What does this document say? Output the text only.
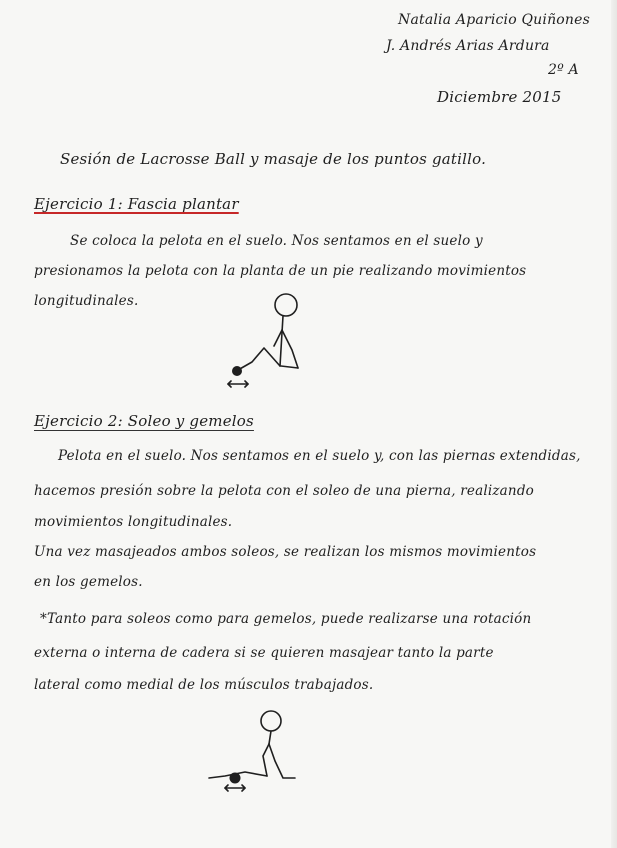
Natalia Aparicio Quiñones
J. Andrés Arias Ardura
2º A
Diciembre 2015
Sesión de Lacrosse Ball y masaje de los puntos gatillo.
Ejercicio 1: Fascia plantar
Se coloca la pelota en el suelo. Nos sentamos en el suelo y
presionamos la pelota con la planta de un pie realizando movimientos
longitudinales.
Ejercicio 2: Soleo y gemelos
Pelota en el suelo. Nos sentamos en el suelo y, con las piernas extendidas,
hacemos presión sobre la pelota con el soleo de una pierna, realizando
movimientos longitudinales.
Una vez masajeados ambos soleos, se realizan los mismos movimientos
en los gemelos.
*Tanto para soleos como para gemelos, puede realizarse una rotación
externa o interna de cadera si se quieren masajear tanto la parte
lateral como medial de los músculos trabajados.
